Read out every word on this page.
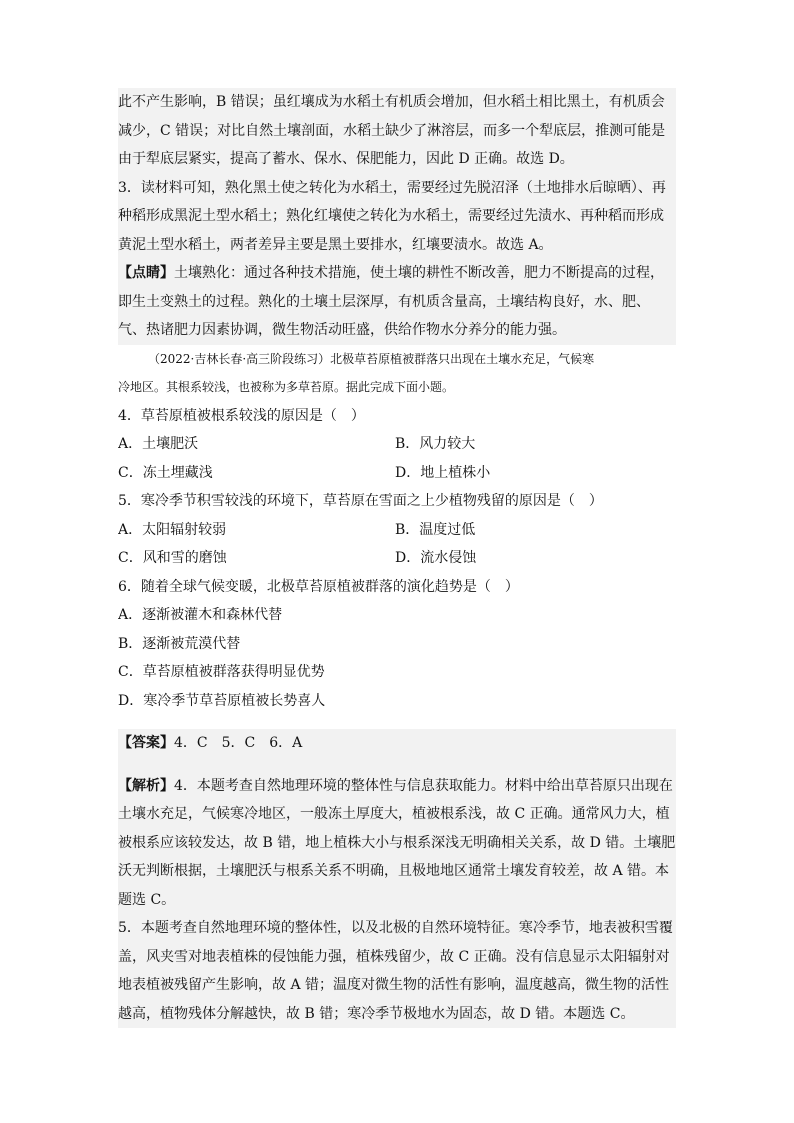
此不产生影响，B 错误；虽红壤成为水稻土有机质会增加，但水稻土相比黑土，有机质会

减少，C 错误；对比自然土壤剖面，水稻土缺少了淋溶层，而多一个犁底层，推测可能是

由于犁底层紧实，提高了蓄水、保水、保肥能力，因此 D 正确。故选 D。

3．读材料可知，熟化黑土使之转化为水稻土，需要经过先脱沼泽（土地排水后晾晒）、再

种稻形成黑泥土型水稻土；熟化红壤使之转化为水稻土，需要经过先渍水、再种稻而形成

黄泥土型水稻土，两者差异主要是黑土要排水，红壤要渍水。故选 A。

【点睛】土壤熟化：通过各种技术措施，使土壤的耕性不断改善，肥力不断提高的过程，

即生土变熟土的过程。熟化的土壤土层深厚，有机质含量高，土壤结构良好，水、肥、

气、热诸肥力因素协调，微生物活动旺盛，供给作物水分养分的能力强。

（2022·吉林长春·高三阶段练习）北极草苔原植被群落只出现在土壤水充足，气候寒

冷地区。其根系较浅，也被称为多草苔原。据此完成下面小题。

4．草苔原植被根系较浅的原因是（　）

A．土壤肥沃	B．风力较大

C．冻土埋藏浅	D．地上植株小

5．寒冷季节积雪较浅的环境下，草苔原在雪面之上少植物残留的原因是（　）

A．太阳辐射较弱	B．温度过低

C．风和雪的磨蚀	D．流水侵蚀

6．随着全球气候变暖，北极草苔原植被群落的演化趋势是（　）

A．逐渐被灌木和森林代替

B．逐渐被荒漠代替

C．草苔原植被群落获得明显优势

D．寒冷季节草苔原植被长势喜人

【答案】4．C　5．C　6．A

【解析】4．本题考查自然地理环境的整体性与信息获取能力。材料中给出草苔原只出现在

土壤水充足，气候寒冷地区，一般冻土厚度大，植被根系浅，故 C 正确。通常风力大，植

被根系应该较发达，故 B 错，地上植株大小与根系深浅无明确相关关系，故 D 错。土壤肥

沃无判断根据，土壤肥沃与根系关系不明确，且极地地区通常土壤发育较差，故 A 错。本

题选 C。

5．本题考查自然地理环境的整体性，以及北极的自然环境特征。寒冷季节，地表被积雪覆

盖，风夹雪对地表植株的侵蚀能力强，植株残留少，故 C 正确。没有信息显示太阳辐射对

地表植被残留产生影响，故 A 错；温度对微生物的活性有影响，温度越高，微生物的活性

越高，植物残体分解越快，故 B 错；寒冷季节极地水为固态，故 D 错。本题选 C。
